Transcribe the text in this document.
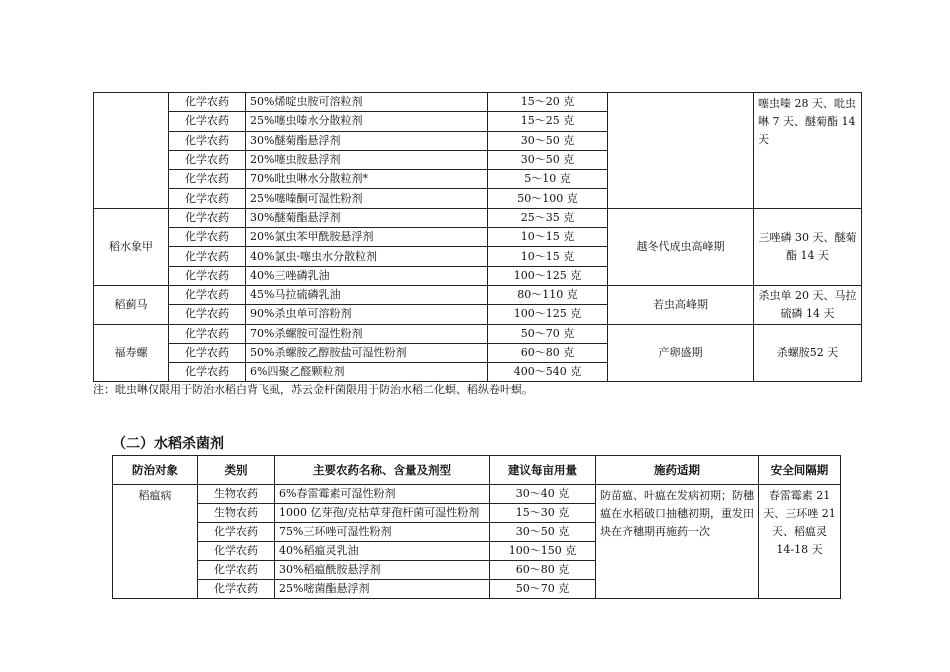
	化学农药	50%烯啶虫胺可溶粒剂	15～20 克		噻虫嗪 28 天、吡虫啉 7 天、醚菊酯 14 天
	化学农药	25%噻虫嗪水分散粒剂	15～25 克		
	化学农药	30%醚菊酯悬浮剂	30～50 克		
	化学农药	20%噻虫胺悬浮剂	30～50 克		
	化学农药	70%吡虫啉水分散粒剂*	5～10 克		
	化学农药	25%噻嗪酮可湿性粉剂	50～100 克		
稻水象甲	化学农药	30%醚菊酯悬浮剂	25～35 克	越冬代成虫高峰期	三唑磷 30 天、醚菊酯 14 天
	化学农药	20%氯虫苯甲酰胺悬浮剂	10～15 克		
	化学农药	40%氯虫·噻虫水分散粒剂	10～15 克		
	化学农药	40%三唑磷乳油	100～125 克		
稻蓟马	化学农药	45%马拉硫磷乳油	80～110 克	若虫高峰期	杀虫单 20 天、马拉硫磷 14 天
	化学农药	90%杀虫单可溶粉剂	100～125 克		
福寿螺	化学农药	70%杀螺胺可湿性粉剂	50～70 克	产卵盛期	杀螺胺52 天
	化学农药	50%杀螺胺乙醇胺盐可湿性粉剂	60～80 克		
	化学农药	6%四聚乙醛颗粒剂	400～540 克		
注：吡虫啉仅限用于防治水稻白背飞虱，苏云金杆菌限用于防治水稻二化螟、稻纵卷叶螟。
（二）水稻杀菌剂
防治对象	类别	主要农药名称、含量及剂型	建议每亩用量	施药适期	安全间隔期
稻瘟病	生物农药	6%春雷霉素可湿性粉剂	30～40 克	防苗瘟、叶瘟在发病初期；防穗瘟在水稻破口抽穗初期，重发田块在齐穗期再施药一次	春雷霉素 21 天、三环唑 21 天、稻瘟灵 14-18 天
	生物农药	1000 亿芽孢/克枯草芽孢杆菌可湿性粉剂	15～30 克		
	化学农药	75%三环唑可湿性粉剂	30～50 克		
	化学农药	40%稻瘟灵乳油	100～150 克		
	化学农药	30%稻瘟酰胺悬浮剂	60～80 克		
	化学农药	25%嘧菌酯悬浮剂	50～70 克		
